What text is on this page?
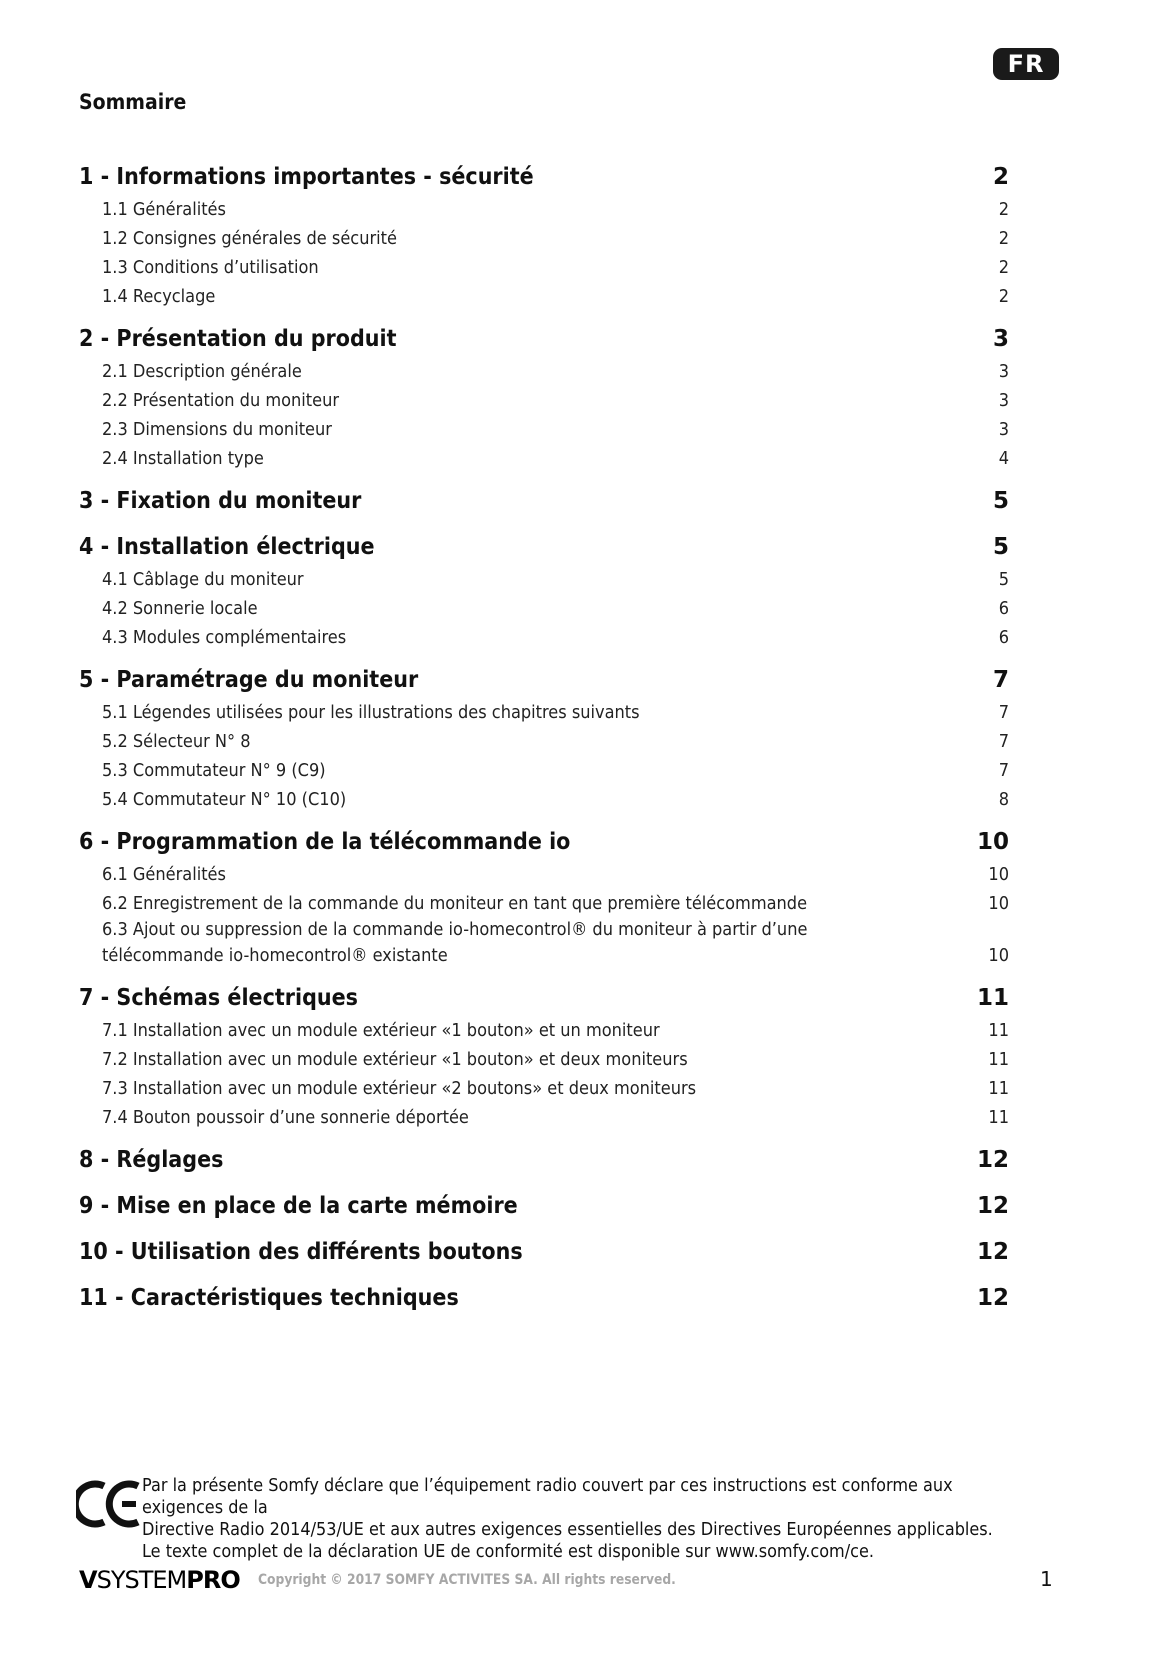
FR
Sommaire
1 - Informations importantes - sécurité	2
1.1 Généralités	2
1.2 Consignes générales de sécurité	2
1.3 Conditions d’utilisation	2
1.4 Recyclage	2
2 - Présentation du produit	3
2.1 Description générale	3
2.2 Présentation du moniteur	3
2.3 Dimensions du moniteur	3
2.4 Installation type	4
3 - Fixation du moniteur	5
4 - Installation électrique	5
4.1 Câblage du moniteur	5
4.2 Sonnerie locale	6
4.3 Modules complémentaires	6
5 - Paramétrage du moniteur	7
5.1 Légendes utilisées pour les illustrations des chapitres suivants	7
5.2 Sélecteur N° 8	7
5.3 Commutateur N° 9 (C9)	7
5.4 Commutateur N° 10 (C10)	8
6 - Programmation de la télécommande io	10
6.1 Généralités	10
6.2 Enregistrement de la commande du moniteur en tant que première télécommande	10
6.3 Ajout ou suppression de la commande io-homecontrol® du moniteur à partir d’une télécommande io-homecontrol® existante	10
7 - Schémas électriques	11
7.1 Installation avec un module extérieur «1 bouton» et un moniteur	11
7.2 Installation avec un module extérieur «1 bouton» et deux moniteurs	11
7.3 Installation avec un module extérieur «2 boutons» et deux moniteurs	11
7.4 Bouton poussoir d’une sonnerie déportée	11
8 - Réglages	12
9 - Mise en place de la carte mémoire	12
10 - Utilisation des différents boutons	12
11 - Caractéristiques techniques	12

Par la présente Somfy déclare que l’équipement radio couvert par ces instructions est conforme aux exigences de la

Directive Radio 2014/53/UE et aux autres exigences essentielles des Directives Européennes applicables.

Le texte complet de la déclaration UE de conformité est disponible sur www.somfy.com/ce.

VSYSTEMPRO Copyright © 2017 SOMFY ACTIVITES SA. All rights reserved.	1
